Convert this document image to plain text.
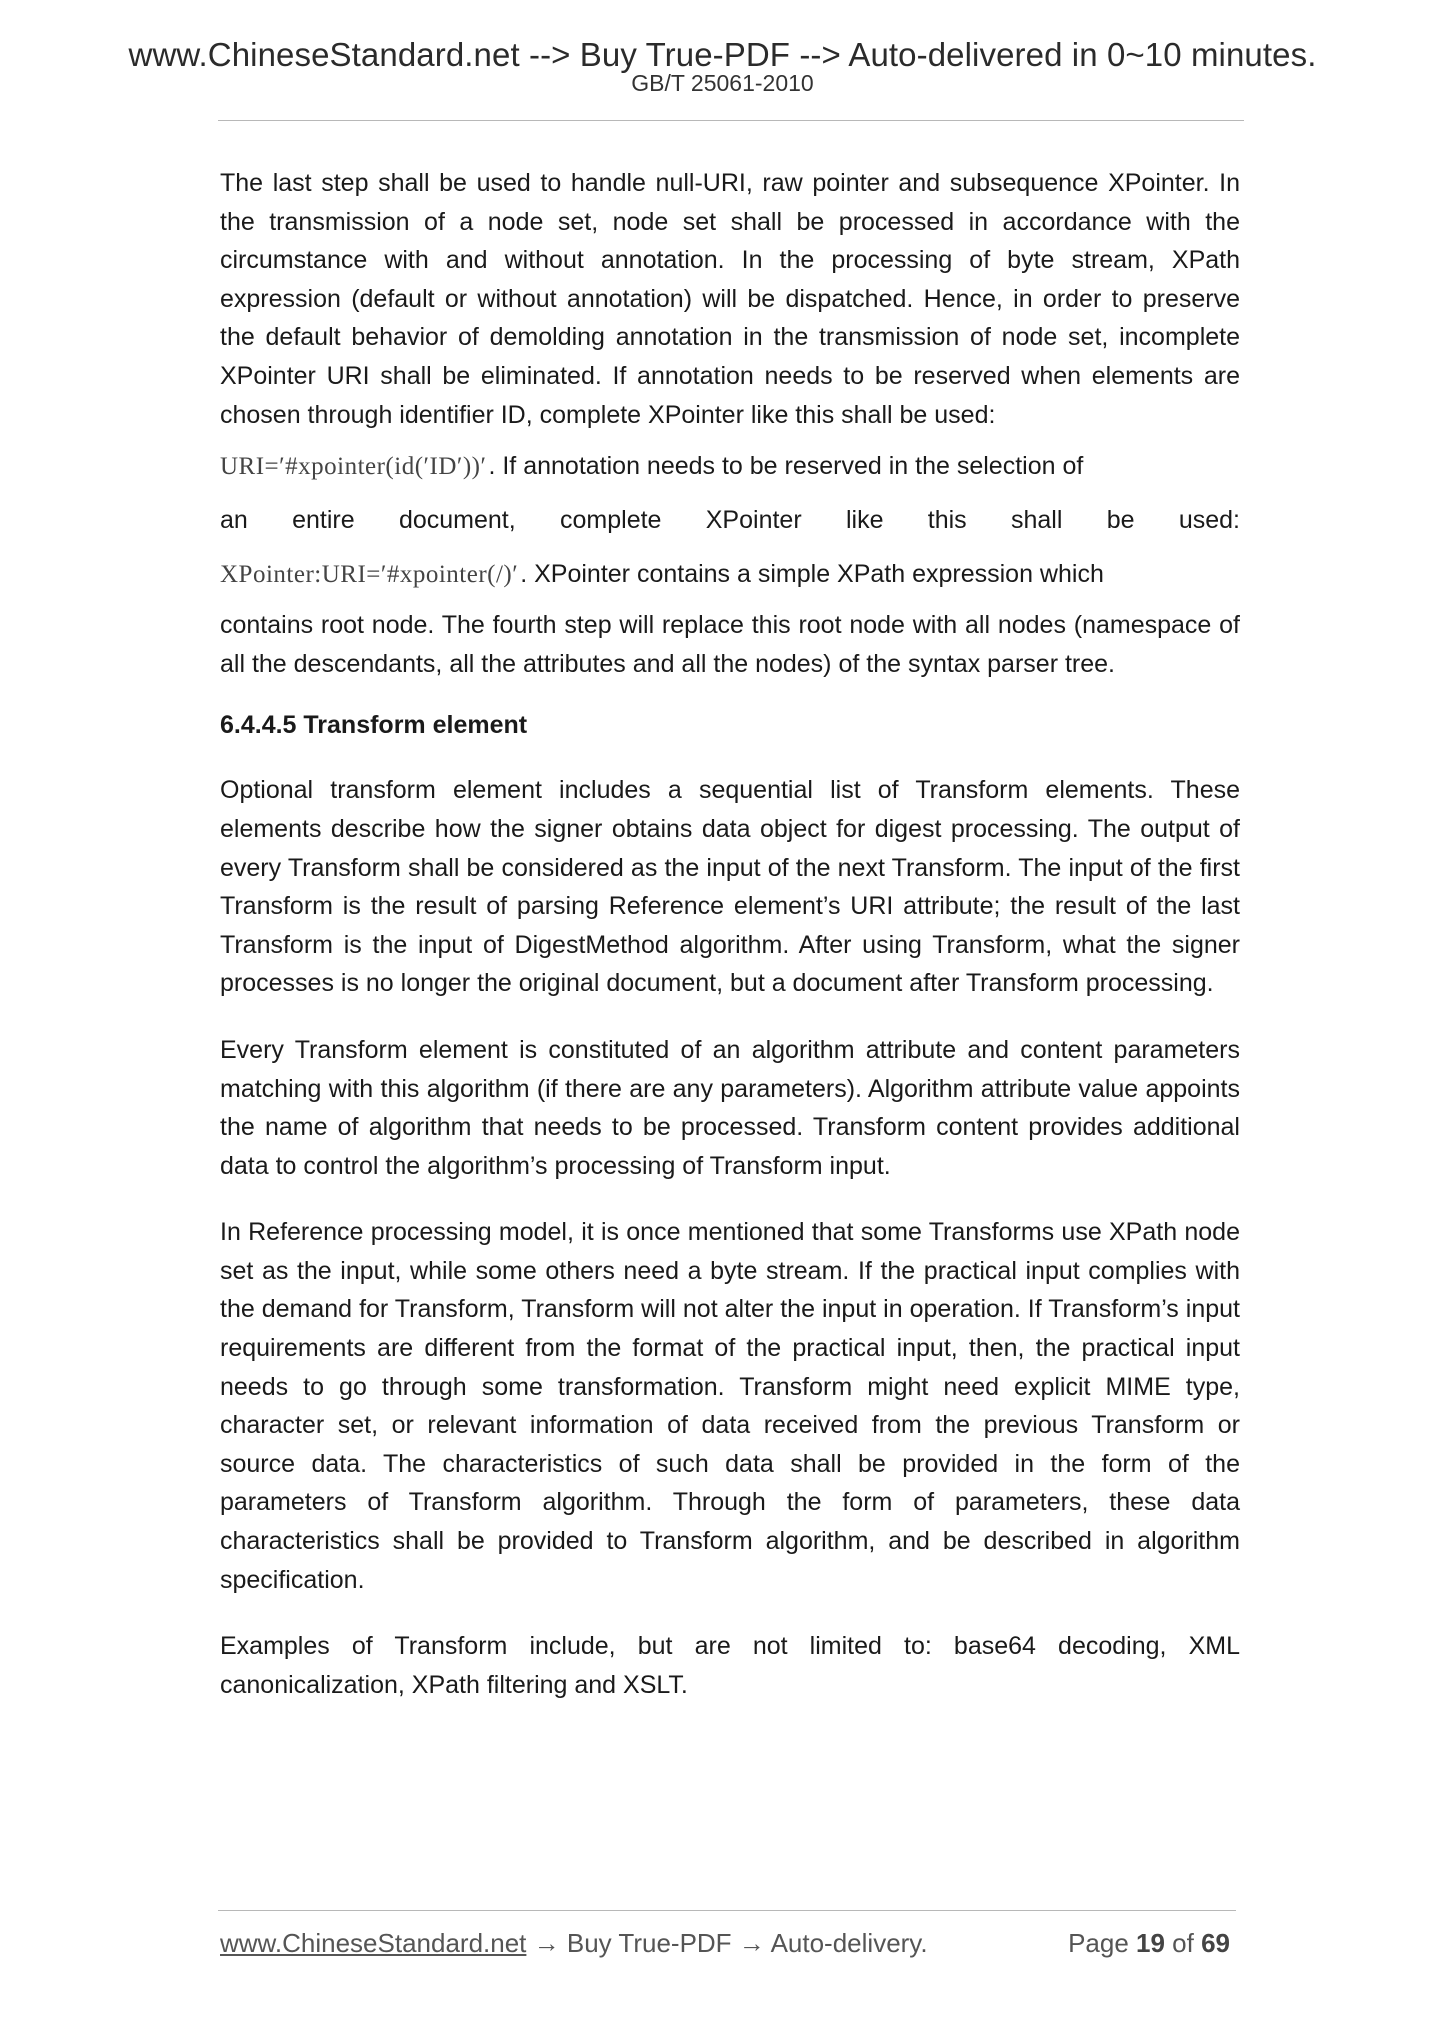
www.ChineseStandard.net --> Buy True-PDF --> Auto-delivered in 0~10 minutes.
GB/T 25061-2010

The last step shall be used to handle null-URI, raw pointer and subsequence XPointer. In the transmission of a node set, node set shall be processed in accordance with the circumstance with and without annotation. In the processing of byte stream, XPath expression (default or without annotation) will be dispatched. Hence, in order to preserve the default behavior of demolding annotation in the transmission of node set, incomplete XPointer URI shall be eliminated. If annotation needs to be reserved when elements are chosen through identifier ID, complete XPointer like this shall be used:

URI=′#xpointer(id(′ID′))′ . If annotation needs to be reserved in the selection of
an entire document, complete XPointer like this shall be used:
XPointer:URI=′#xpointer(/)′ . XPointer contains a simple XPath expression which

contains root node. The fourth step will replace this root node with all nodes (namespace of all the descendants, all the attributes and all the nodes) of the syntax parser tree.

6.4.4.5 Transform element

Optional transform element includes a sequential list of Transform elements. These elements describe how the signer obtains data object for digest processing. The output of every Transform shall be considered as the input of the next Transform. The input of the first Transform is the result of parsing Reference element’s URI attribute; the result of the last Transform is the input of DigestMethod algorithm. After using Transform, what the signer processes is no longer the original document, but a document after Transform processing.

Every Transform element is constituted of an algorithm attribute and content parameters matching with this algorithm (if there are any parameters). Algorithm attribute value appoints the name of algorithm that needs to be processed. Transform content provides additional data to control the algorithm’s processing of Transform input.

In Reference processing model, it is once mentioned that some Transforms use XPath node set as the input, while some others need a byte stream. If the practical input complies with the demand for Transform, Transform will not alter the input in operation. If Transform’s input requirements are different from the format of the practical input, then, the practical input needs to go through some transformation. Transform might need explicit MIME type, character set, or relevant information of data received from the previous Transform or source data. The characteristics of such data shall be provided in the form of the parameters of Transform algorithm. Through the form of parameters, these data characteristics shall be provided to Transform algorithm, and be described in algorithm specification.

Examples of Transform include, but are not limited to: base64 decoding, XML canonicalization, XPath filtering and XSLT.

www.ChineseStandard.net → Buy True-PDF → Auto-delivery.	Page 19 of 69
